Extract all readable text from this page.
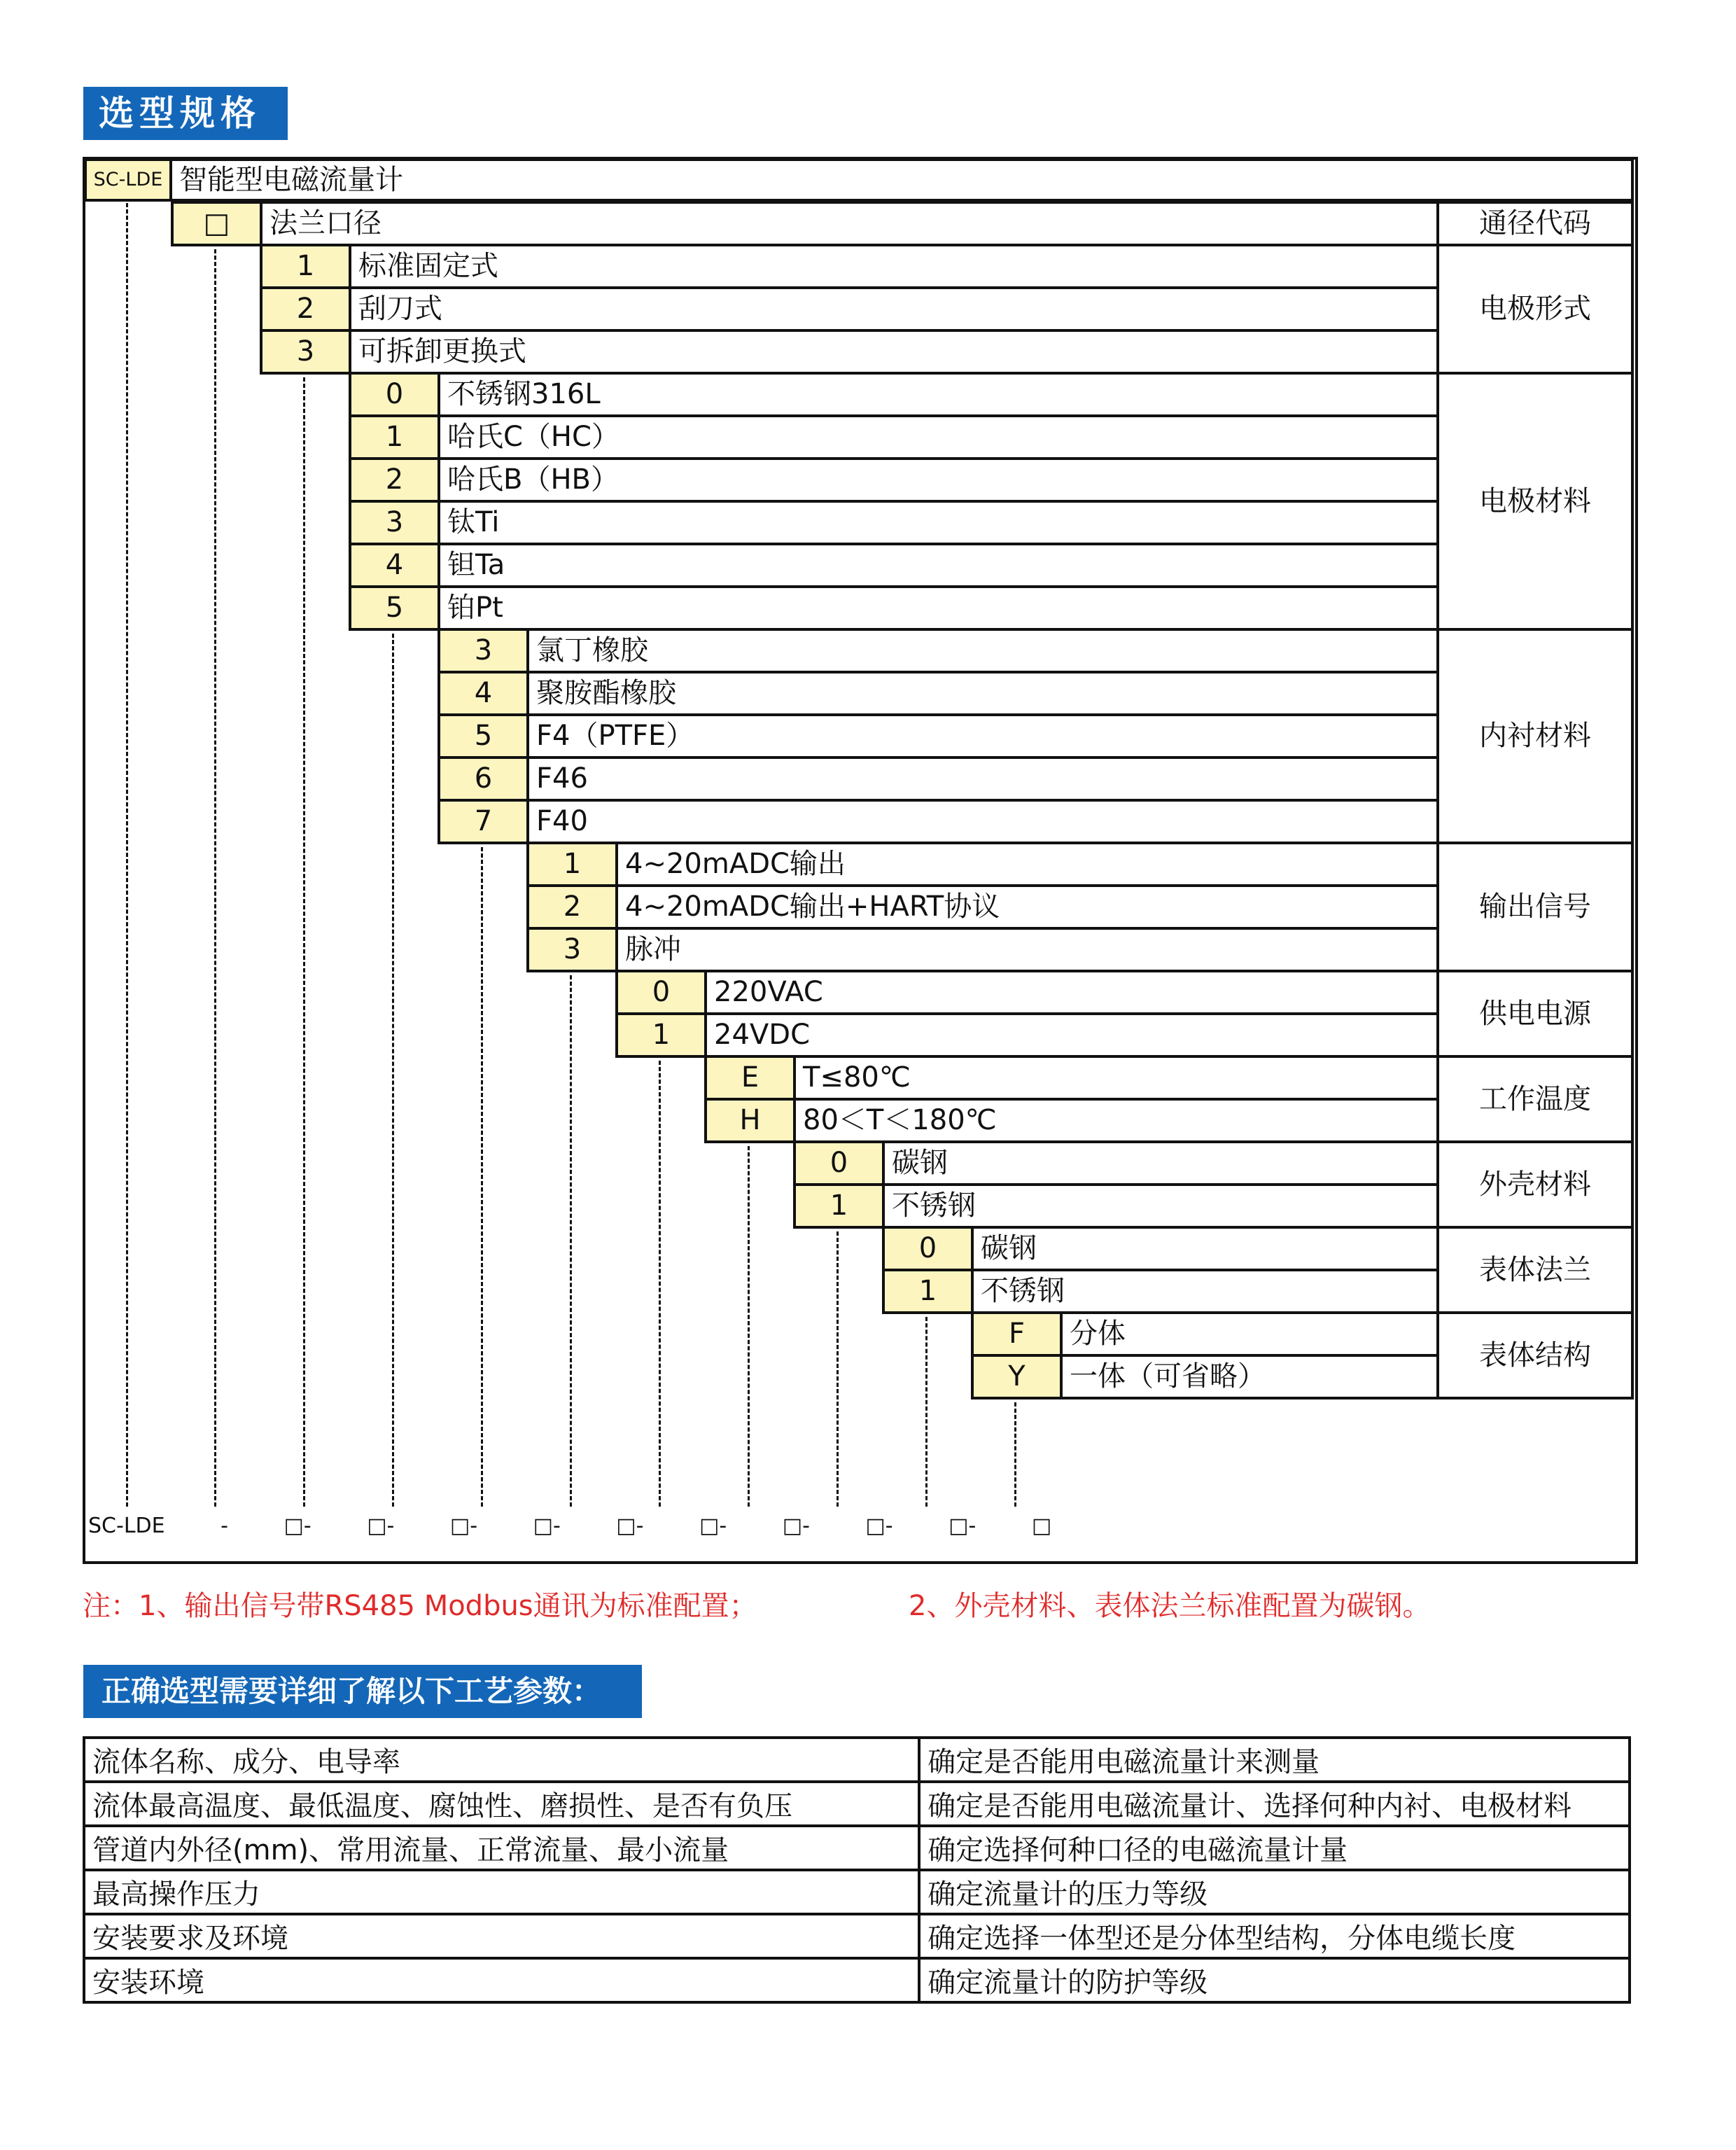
选型规格
SC-LDE 智能型电磁流量计
□	法兰口径	通径代码
1	标准固定式
2	刮刀式
3	可拆卸更换式
电极形式
0	不锈钢316L
1	哈氏C（HC）
2	哈氏B（HB）
3	钛Ti
4	钽Ta
5	铂Pt
电极材料
3	氯丁橡胶
4	聚胺酯橡胶
5	F4（PTFE）
6	F46
7	F40
内衬材料
1	4~20mADC输出
2	4~20mADC输出+HART协议
3	脉冲
输出信号
0	220VAC
1	24VDC
供电电源
E	T≤80℃
H	80＜T＜180℃
工作温度
0	碳钢
1	不锈钢
外壳材料
0	碳钢
1	不锈钢
表体法兰
F	分体
Y	一体（可省略）
表体结构
SC-LDE - □- □- □- □- □- □- □- □- □- □
注：1、输出信号带RS485 Modbus通讯为标准配置；	2、外壳材料、表体法兰标准配置为碳钢。
正确选型需要详细了解以下工艺参数：
流体名称、成分、电导率	确定是否能用电磁流量计来测量
流体最高温度、最低温度、腐蚀性、磨损性、是否有负压	确定是否能用电磁流量计、选择何种内衬、电极材料
管道内外径(mm)、常用流量、正常流量、最小流量	确定选择何种口径的电磁流量计量
最高操作压力	确定流量计的压力等级
安装要求及环境	确定选择一体型还是分体型结构，分体电缆长度
安装环境	确定流量计的防护等级
